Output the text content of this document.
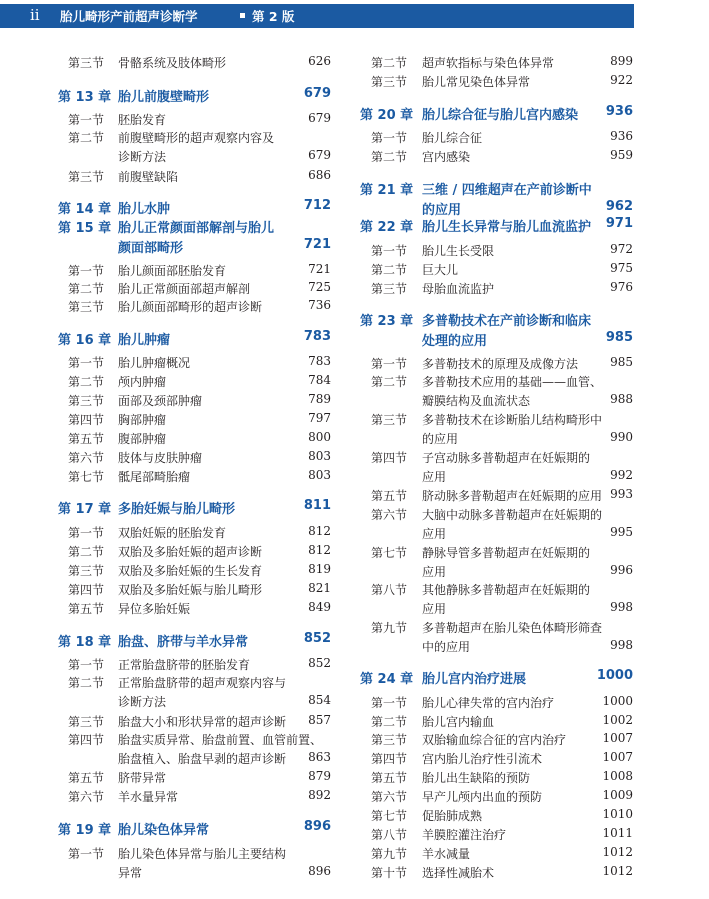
ii 胎儿畸形产前超声诊断学	第 2 版
第三节 骨骼系统及肢体畸形	626
第 13 章 胎儿前腹壁畸形	679
第一节 胚胎发育	679
第二节 前腹壁畸形的超声观察内容及
诊断方法	679
第三节 前腹壁缺陷	686
第 14 章 胎儿水肿	712
第 15 章 胎儿正常颜面部解剖与胎儿
颜面部畸形	721
第一节 胎儿颜面部胚胎发育	721
第二节 胎儿正常颜面部超声解剖	725
第三节 胎儿颜面部畸形的超声诊断	736
第 16 章 胎儿肿瘤	783
第一节 胎儿肿瘤概况	783
第二节 颅内肿瘤	784
第三节 面部及颈部肿瘤	789
第四节 胸部肿瘤	797
第五节 腹部肿瘤	800
第六节 肢体与皮肤肿瘤	803
第七节 骶尾部畸胎瘤	803
第 17 章 多胎妊娠与胎儿畸形	811
第一节 双胎妊娠的胚胎发育	812
第二节 双胎及多胎妊娠的超声诊断	812
第三节 双胎及多胎妊娠的生长发育	819
第四节 双胎及多胎妊娠与胎儿畸形	821
第五节 异位多胎妊娠	849
第 18 章 胎盘、脐带与羊水异常	852
第一节 正常胎盘脐带的胚胎发育	852
第二节 正常胎盘脐带的超声观察内容与
诊断方法	854
第三节 胎盘大小和形状异常的超声诊断	857
第四节 胎盘实质异常、胎盘前置、血管前置、
胎盘植入、胎盘早剥的超声诊断	863
第五节 脐带异常	879
第六节 羊水量异常	892
第 19 章 胎儿染色体异常	896
第一节 胎儿染色体异常与胎儿主要结构
异常	896
第二节 超声软指标与染色体异常	899
第三节 胎儿常见染色体异常	922
第 20 章 胎儿综合征与胎儿宫内感染	936
第一节 胎儿综合征	936
第二节 宫内感染	959
第 21 章 三维 / 四维超声在产前诊断中
的应用	962
第 22 章 胎儿生长异常与胎儿血流监护	971
第一节 胎儿生长受限	972
第二节 巨大儿	975
第三节 母胎血流监护	976
第 23 章 多普勒技术在产前诊断和临床
处理的应用	985
第一节 多普勒技术的原理及成像方法	985
第二节 多普勒技术应用的基础——血管、
瓣膜结构及血流状态	988
第三节 多普勒技术在诊断胎儿结构畸形中
的应用	990
第四节 子宫动脉多普勒超声在妊娠期的
应用	992
第五节 脐动脉多普勒超声在妊娠期的应用 993
第六节 大脑中动脉多普勒超声在妊娠期的
应用	995
第七节 静脉导管多普勒超声在妊娠期的
应用	996
第八节 其他静脉多普勒超声在妊娠期的
应用	998
第九节 多普勒超声在胎儿染色体畸形筛查
中的应用	998
第 24 章 胎儿宫内治疗进展	1000
第一节 胎儿心律失常的宫内治疗	1000
第二节 胎儿宫内输血	1002
第三节 双胎输血综合征的宫内治疗	1007
第四节 宫内胎儿治疗性引流术	1007
第五节 胎儿出生缺陷的预防	1008
第六节 早产儿颅内出血的预防	1009
第七节 促胎肺成熟	1010
第八节 羊膜腔灌注治疗	1011
第九节 羊水减量	1012
第十节 选择性减胎术	1012
